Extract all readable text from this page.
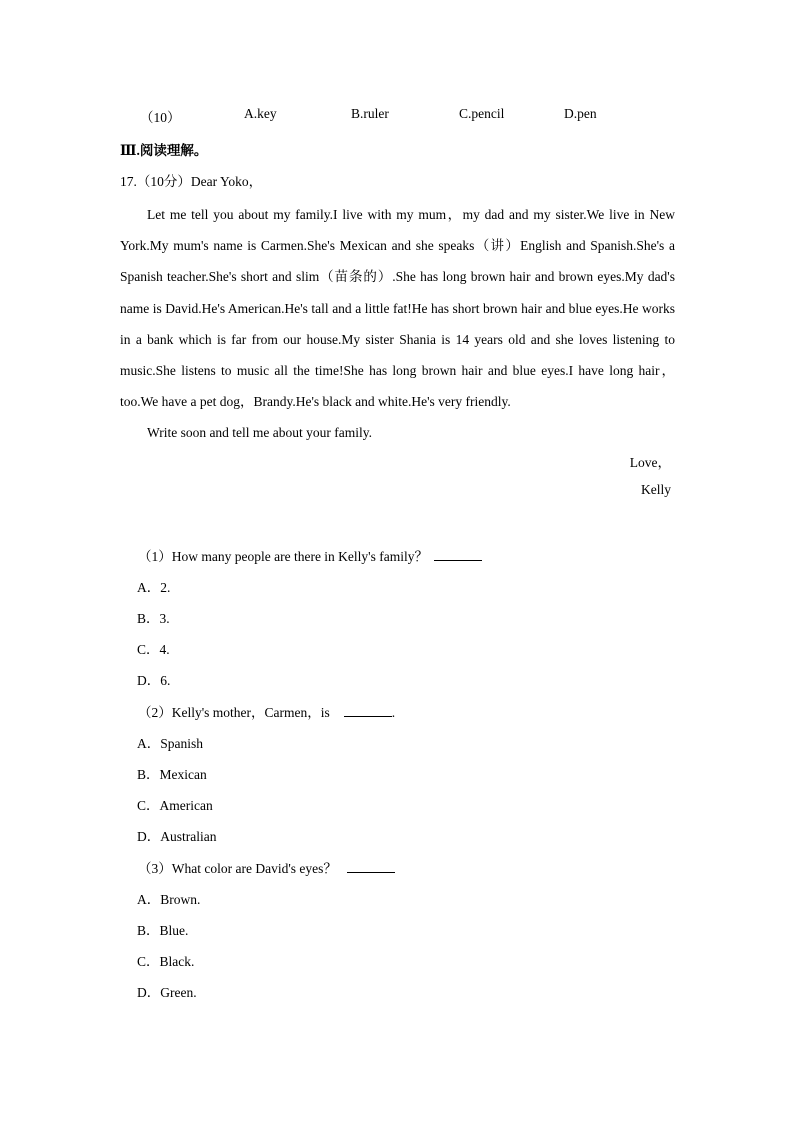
（10）	A.key	B.ruler	C.pencil	D.pen
Ⅲ.阅读理解。
17.（10分）Dear Yoko，

Let me tell you about my family.I live with my mum，my dad and my sister.We live in New York.My mum's name is Carmen.She's Mexican and she speaks（讲）English and Spanish.She's a Spanish teacher.She's short and slim（苗条的）.She has long brown hair and brown eyes.My dad's name is David.He's American.He's tall and a little fat!He has short brown hair and blue eyes.He works in a bank which is far from our house.My sister Shania is 14 years old and she loves listening to music.She listens to music all the time!She has long brown hair and blue eyes.I have long hair，too.We have a pet dog，Brandy.He's black and white.He's very friendly.

Write soon and tell me about your family.

Love，
Kelly
（1）How many people are there in Kelly's family？
A．2.
B．3.
C．4.
D．6.
（2）Kelly's mother，Carmen，is	.
A．Spanish
B．Mexican
C．American
D．Australian
（3）What color are David's eyes？
A．Brown.
B．Blue.
C．Black.
D．Green.
